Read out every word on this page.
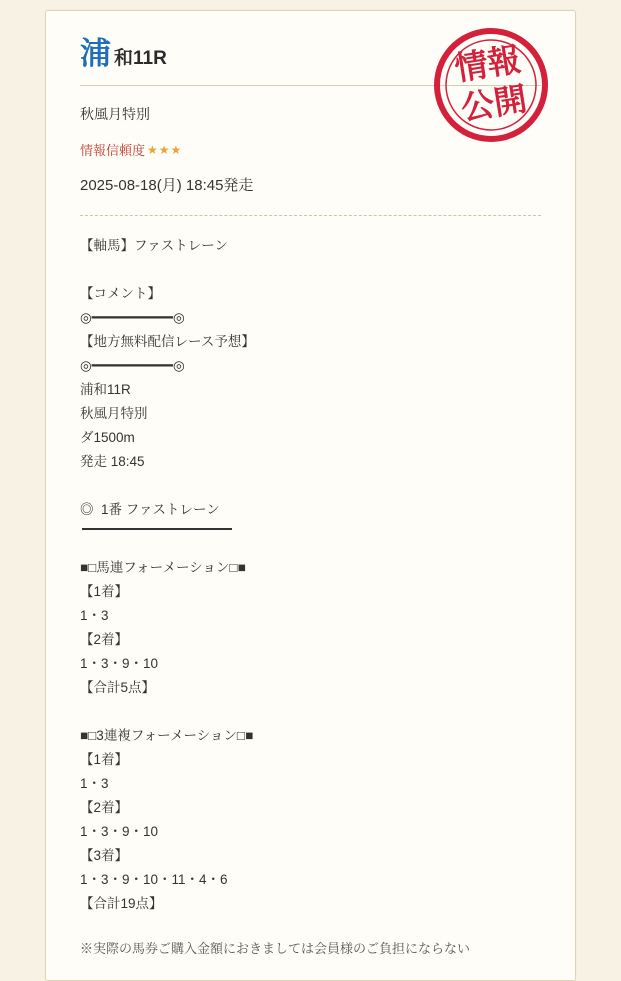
情報
公開
浦 和11R
秋風月特別
情報信頼度 ★★★
2025-08-18(月) 18:45発走
【軸馬】ファストレーン
【コメント】
◎━━━━━━━━━━◎
【地方無料配信レース予想】
◎━━━━━━━━━━◎
浦和11R
秋風月特別
ダ1500m
発走 18:45
◎  1番 ファストレーン
■□馬連フォーメーション□■
【1着】
1・3
【2着】
1・3・9・10
【合計5点】
■□3連複フォーメーション□■
【1着】
1・3
【2着】
1・3・9・10
【3着】
1・3・9・10・11・4・6
【合計19点】
※実際の馬券ご購入金額におきましては会員様のご負担にならない
